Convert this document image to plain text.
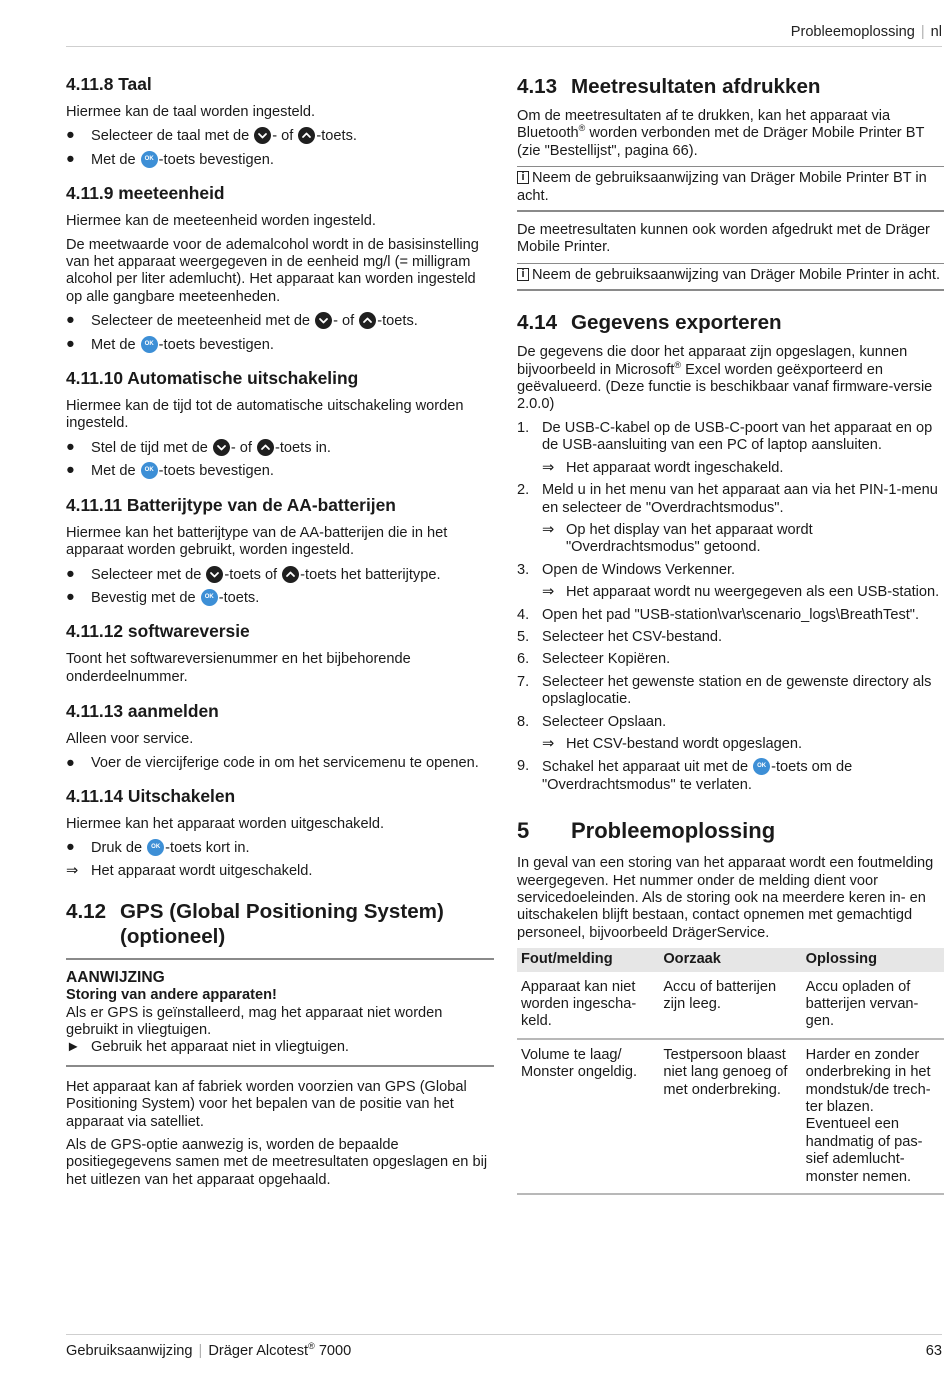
Probleemoplossing | nl
4.11.8 Taal

Hiermee kan de taal worden ingesteld.

● Selecteer de taal met de
- of
-toets.
● Met de OK -toets bevestigen.
4.11.9 meeteenheid

Hiermee kan de meeteenheid worden ingesteld.

De meetwaarde voor de ademalcohol wordt in de basisinstelling van het apparaat weergegeven in de eenheid mg/l (= milligram alcohol per liter ademlucht). Het apparaat kan worden ingesteld op alle gangbare meeteenheden.

● Selecteer de meeteenheid met de
- of
-toets.
● Met de OK -toets bevestigen.
4.11.10 Automatische uitschakeling

Hiermee kan de tijd tot de automatische uitschakeling worden ingesteld.

● Stel de tijd met de
- of
-toets in.
● Met de OK -toets bevestigen.
4.11.11 Batterijtype van de AA-batterijen

Hiermee kan het batterijtype van de AA-batterijen die in het apparaat worden gebruikt, worden ingesteld.

● Selecteer met de
-toets of
-toets het batterijtype.
● Bevestig met de OK -toets.
4.11.12 softwareversie

Toont het softwareversienummer en het bijbehorende onderdeelnummer.

4.11.13 aanmelden

Alleen voor service.

● Voer de viercijferige code in om het servicemenu te openen.
4.11.14 Uitschakelen

Hiermee kan het apparaat worden uitgeschakeld.

● Druk de OK -toets kort in.
⇒ Het apparaat wordt uitgeschakeld.
4.12 GPS (Global Positioning System) (optioneel)
AANWIJZING
Storing van andere apparaten!
Als er GPS is geïnstalleerd, mag het apparaat niet worden gebruikt in vliegtuigen.
► Gebruik het apparaat niet in vliegtuigen.

Het apparaat kan af fabriek worden voorzien van GPS (Global Positioning System) voor het bepalen van de positie van het apparaat via satelliet.

Als de GPS-optie aanwezig is, worden de bepaalde positiegegevens samen met de meetresultaten opgeslagen en bij het uitlezen van het apparaat opgehaald.

4.13 Meetresultaten afdrukken

Om de meetresultaten af te drukken, kan het apparaat via Bluetooth® worden verbonden met de Dräger Mobile Printer BT (zie "Bestellijst", pagina 66).

iNeem de gebruiksaanwijzing van Dräger Mobile Printer BT in acht.

De meetresultaten kunnen ook worden afgedrukt met de Dräger Mobile Printer.

iNeem de gebruiksaanwijzing van Dräger Mobile Printer in acht.
4.14 Gegevens exporteren

De gegevens die door het apparaat zijn opgeslagen, kunnen bijvoorbeeld in Microsoft® Excel worden geëxporteerd en geëvalueerd. (Deze functie is beschikbaar vanaf firmware-versie 2.0.0)

1. De USB-C-kabel op de USB-C-poort van het apparaat en op de USB-aansluiting van een PC of laptop aansluiten.
⇒ Het apparaat wordt ingeschakeld.
2. Meld u in het menu van het apparaat aan via het PIN-1-menu en selecteer de "Overdrachtsmodus".
⇒ Op het display van het apparaat wordt "Overdrachtsmodus" getoond.
3. Open de Windows Verkenner.
⇒ Het apparaat wordt nu weergegeven als een USB-station.
4. Open het pad "USB-station\var\scenario_logs\BreathTest".
5. Selecteer het CSV-bestand.
6. Selecteer Kopiëren.
7. Selecteer het gewenste station en de gewenste directory als opslaglocatie.
8. Selecteer Opslaan.
⇒ Het CSV-bestand wordt opgeslagen.
9. Schakel het apparaat uit met de OK -toets om de "Overdrachtsmodus" te verlaten.
5 Probleemoplossing

In geval van een storing van het apparaat wordt een foutmelding weergegeven. Het nummer onder de melding dient voor servicedoeleinden. Als de storing ook na meerdere keren in- en uitschakelen blijft bestaan, contact opnemen met gemachtigd personeel, bijvoorbeeld DrägerService.

Fout/melding	Oorzaak	Oplossing
Apparaat kan niet worden ingescha-keld.	Accu of batterijen zijn leeg.	Accu opladen of batterijen vervan-gen.
Volume te laag/ Monster ongeldig.	Testpersoon blaast niet lang genoeg of met onderbreking.	Harder en zonder onderbreking in het mondstuk/de trech-ter blazen. Eventueel een handmatig of pas-sief ademlucht-monster nemen.
Gebruiksaanwijzing | Dräger Alcotest® 7000	63
